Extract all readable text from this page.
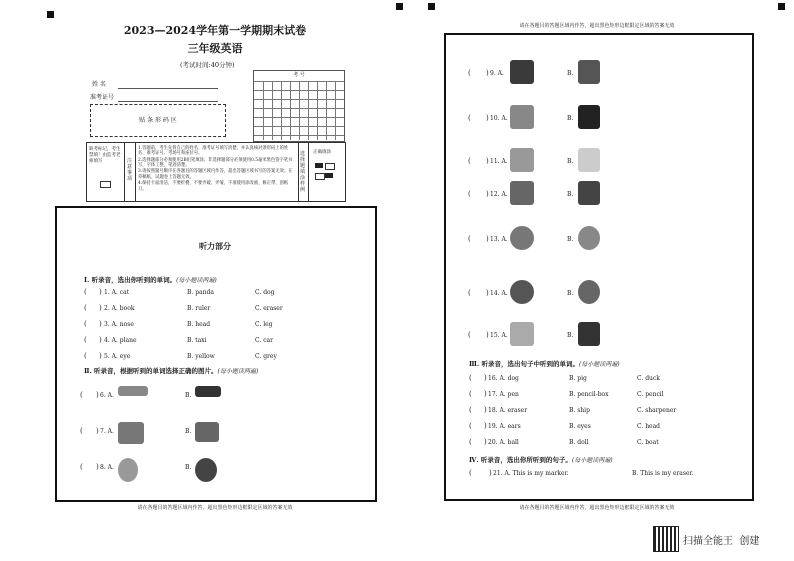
2023—2024学年第一学期期末试卷
三年级英语
(考试时间:40分钟)
姓 名
准考证号
贴 条 形 码 区
考 号
缺考标记，考生禁填！由监考老师填写	注意事项
1.答题前，考生先将自己的姓名、准考证号填写清楚，并认真核对条形码上的姓名、准考证号、考场号和座位号。
2.选择题部分必须使用2B铅笔填涂；非选择题部分必须使用0.5毫米黑色签字笔书写，字体工整、笔迹清楚。
3.请按照题号顺序在各题目的答题区域内作答，超出答题区域书写的答案无效；在草稿纸、试题卷上答题无效。
4.保持卡面清洁，不要折叠、不要弄破、弄皱，不准使用涂改液、修正带、刮纸刀。
选择题填涂样例
正确填涂
听力部分
Ⅰ. 听录音，选出你听到的单词。(每小题读两遍)
( ) 1. A. cat	B. panda	C. dog
( ) 2. A. book	B. ruler	C. eraser
( ) 3. A. nose	B. head	C. leg
( ) 4. A. plane	B. taxi	C. car
( ) 5. A. eye	B. yellow	C. grey
Ⅱ. 听录音，根据听到的单词选择正确的图片。(每小题读两遍)
( ) 6. A.	B.
( ) 7. A.	B.
( ) 8. A.	B.
请在各题目的答题区域内作答，超出黑色矩形边框限定区域的答案无效
请在各题目的答题区域内作答，超出黑色矩形边框限定区域的答案无效
( ) 9. A.	B.
( ) 10. A.	B.
( ) 11. A.	B.
( ) 12. A.	B.
( ) 13. A.	B.
( ) 14. A.	B.
( ) 15. A.	B.
Ⅲ. 听录音，选出句子中听到的单词。(每小题读两遍)
( ) 16. A. dog	B. pig	C. duck
( ) 17. A. pen	B. pencil-box	C. pencil
( ) 18. A. eraser	B. ship	C. sharpener
( ) 19. A. ears	B. eyes	C. head
( ) 20. A. ball	B. doll	C. boat
Ⅳ. 听录音，选出你所听到的句子。(每小题读两遍)
( ) 21. A. This is my marker.	B. This is my eraser.
请在各题目的答题区域内作答，超出黑色矩形边框限定区域的答案无效
扫描全能王  创建
